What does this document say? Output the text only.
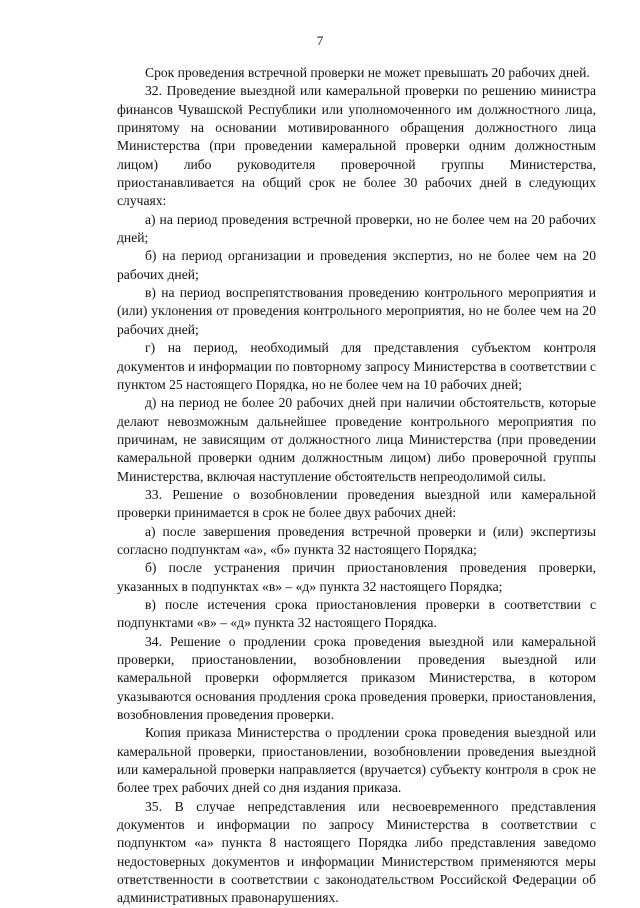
7

Срок проведения встречной проверки не может превышать 20 рабочих дней.

32. Проведение выездной или камеральной проверки по решению министра финансов Чувашской Республики или уполномоченного им должностного лица, принятому на основании мотивированного обращения должностного лица Министерства (при проведении камеральной проверки одним должностным лицом) либо руководителя проверочной группы Министерства, приостанавливается на общий срок не более 30 рабочих дней в следующих случаях:

а) на период проведения встречной проверки, но не более чем на 20 рабочих дней;

б) на период организации и проведения экспертиз, но не более чем на 20 рабочих дней;

в) на период воспрепятствования проведению контрольного мероприятия и (или) уклонения от проведения контрольного мероприятия, но не более чем на 20 рабочих дней;

г) на период, необходимый для представления субъектом контроля документов и информации по повторному запросу Министерства в соответствии с пунктом 25 настоящего Порядка, но не более чем на 10 рабочих дней;

д) на период не более 20 рабочих дней при наличии обстоятельств, которые делают невозможным дальнейшее проведение контрольного мероприятия по причинам, не зависящим от должностного лица Министерства (при проведении камеральной проверки одним должностным лицом) либо проверочной группы Министерства, включая наступление обстоятельств непреодолимой силы.

33. Решение о возобновлении проведения выездной или камеральной проверки принимается в срок не более двух рабочих дней:

а) после завершения проведения встречной проверки и (или) экспертизы согласно подпунктам «а», «б» пункта 32 настоящего Порядка;

б) после устранения причин приостановления проведения проверки, указанных в подпунктах «в» – «д» пункта 32 настоящего Порядка;

в) после истечения срока приостановления проверки в соответствии с подпунктами «в» – «д» пункта 32 настоящего Порядка.

34. Решение о продлении срока проведения выездной или камеральной проверки, приостановлении, возобновлении проведения выездной или камеральной проверки оформляется приказом Министерства, в котором указываются основания продления срока проведения проверки, приостановления, возобновления проведения проверки.

Копия приказа Министерства о продлении срока проведения выездной или камеральной проверки, приостановлении, возобновлении проведения выездной или камеральной проверки направляется (вручается) субъекту контроля в срок не более трех рабочих дней со дня издания приказа.

35. В случае непредставления или несвоевременного представления документов и информации по запросу Министерства в соответствии с подпунктом «а» пункта 8 настоящего Порядка либо представления заведомо недостоверных документов и информации Министерством применяются меры ответственности в соответствии с законодательством Российской Федерации об административных правонарушениях.
